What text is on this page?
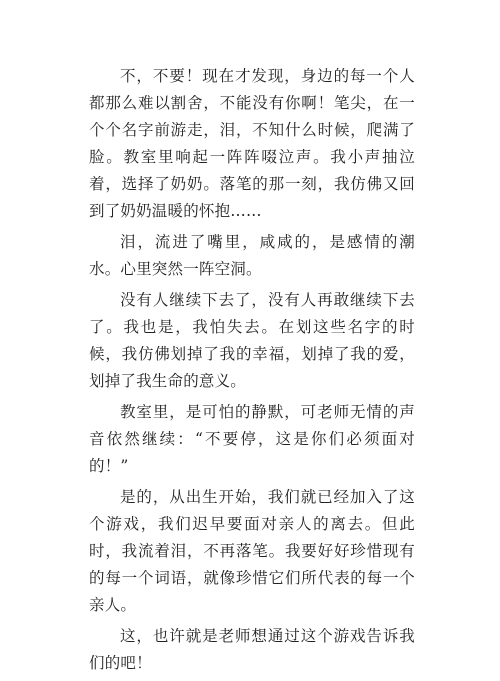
不，不要！现在才发现，身边的每一个人都那么难以割舍，不能没有你啊！笔尖，在一个个名字前游走，泪，不知什么时候，爬满了脸。教室里响起一阵阵啜泣声。我小声抽泣着，选择了奶奶。落笔的那一刻，我仿佛又回到了奶奶温暖的怀抱……

泪，流进了嘴里，咸咸的，是感情的潮水。心里突然一阵空洞。

没有人继续下去了，没有人再敢继续下去了。我也是，我怕失去。在划这些名字的时候，我仿佛划掉了我的幸福，划掉了我的爱，划掉了我生命的意义。

教室里，是可怕的静默，可老师无情的声音依然继续：“不要停，这是你们必须面对的！”

是的，从出生开始，我们就已经加入了这个游戏，我们迟早要面对亲人的离去。但此时，我流着泪，不再落笔。我要好好珍惜现有的每一个词语，就像珍惜它们所代表的每一个亲人。

这，也许就是老师想通过这个游戏告诉我们的吧！
